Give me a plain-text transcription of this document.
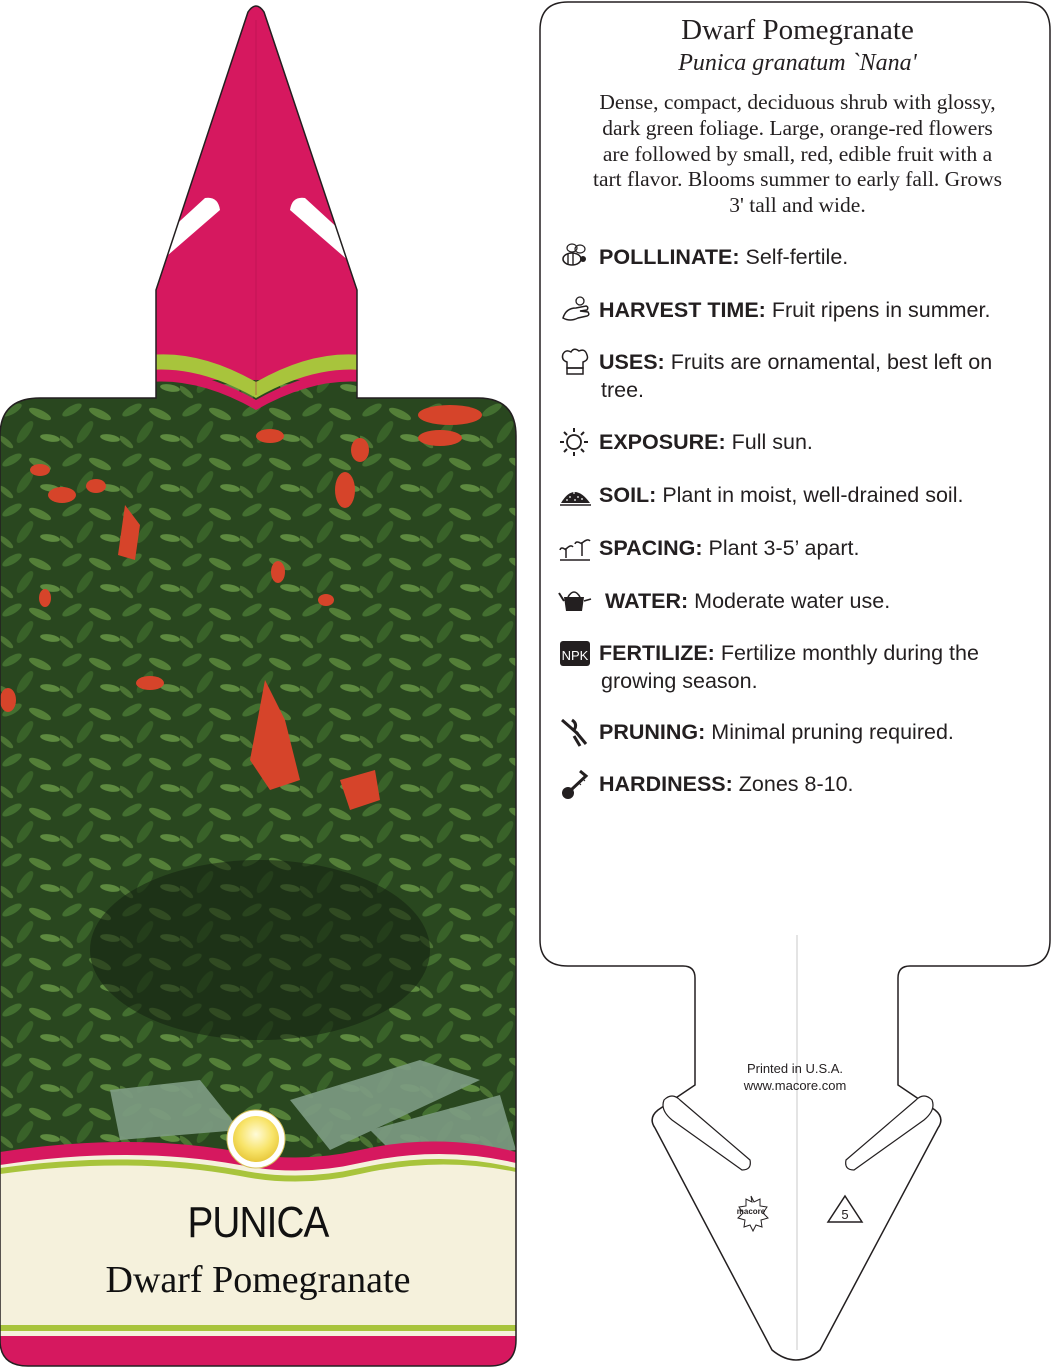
macore	5
Dwarf Pomegranate
Punica granatum `Nana'
Dense, compact, deciduous shrub with glossy,
dark green foliage. Large, orange-red flowers
are followed by small, red, edible fruit with a
tart flavor. Blooms summer to early fall. Grows
3' tall and wide.
POLLLINATE: Self-fertile.
HARVEST TIME: Fruit ripens in summer.
USES: Fruits are ornamental, best left on
tree.
EXPOSURE: Full sun.
SOIL: Plant in moist, well-drained soil.
SPACING: Plant 3-5’ apart.
WATER: Moderate water use.
NPK FERTILIZE: Fertilize monthly during the
growing season.
PRUNING: Minimal pruning required.
HARDINESS: Zones 8-10.
Printed in U.S.A.
www.macore.com
PUNICA
Dwarf Pomegranate
